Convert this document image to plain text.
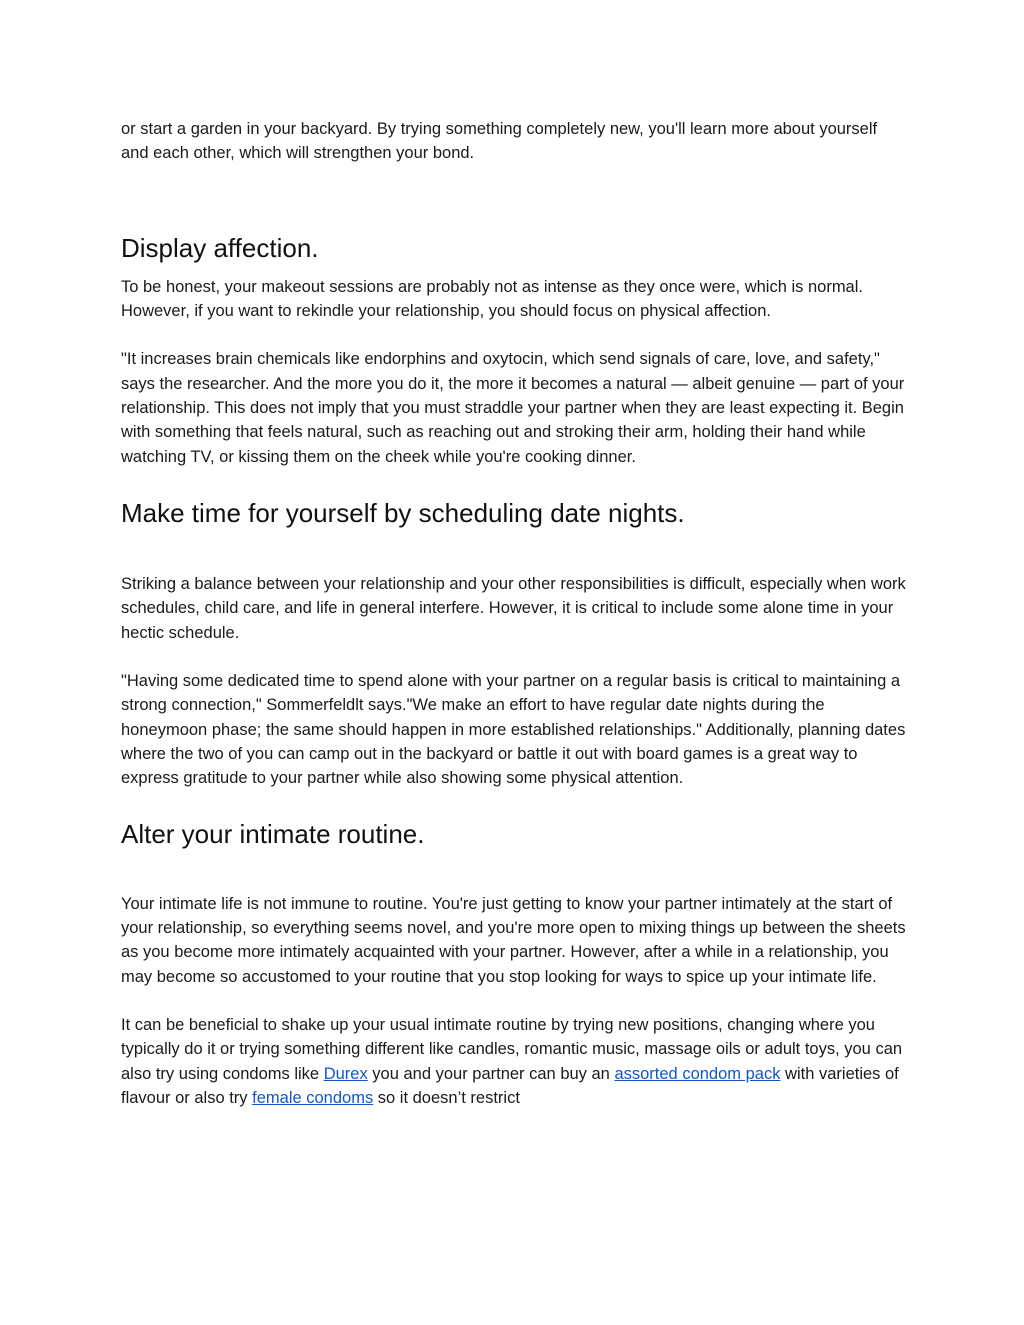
or start a garden in your backyard. By trying something completely new, you'll learn more about yourself and each other, which will strengthen your bond.

Display affection.

To be honest, your makeout sessions are probably not as intense as they once were, which is normal. However, if you want to rekindle your relationship, you should focus on physical affection.

"It increases brain chemicals like endorphins and oxytocin, which send signals of care, love, and safety," says the researcher. And the more you do it, the more it becomes a natural — albeit genuine — part of your relationship. This does not imply that you must straddle your partner when they are least expecting it. Begin with something that feels natural, such as reaching out and stroking their arm, holding their hand while watching TV, or kissing them on the cheek while you're cooking dinner.

Make time for yourself by scheduling date nights.

Striking a balance between your relationship and your other responsibilities is difficult, especially when work schedules, child care, and life in general interfere. However, it is critical to include some alone time in your hectic schedule.

"Having some dedicated time to spend alone with your partner on a regular basis is critical to maintaining a strong connection," Sommerfeldlt says."We make an effort to have regular date nights during the honeymoon phase; the same should happen in more established relationships." Additionally, planning dates where the two of you can camp out in the backyard or battle it out with board games is a great way to express gratitude to your partner while also showing some physical attention.

Alter your intimate routine.

Your intimate life is not immune to routine. You're just getting to know your partner intimately at the start of your relationship, so everything seems novel, and you're more open to mixing things up between the sheets as you become more intimately acquainted with your partner. However, after a while in a relationship, you may become so accustomed to your routine that you stop looking for ways to spice up your intimate life.

It can be beneficial to shake up your usual intimate routine by trying new positions, changing where you typically do it or trying something different like candles, romantic music, massage oils or adult toys, you can also try using condoms like Durex you and your partner can buy an assorted condom pack with varieties of flavour or also try female condoms so it doesn’t restrict
